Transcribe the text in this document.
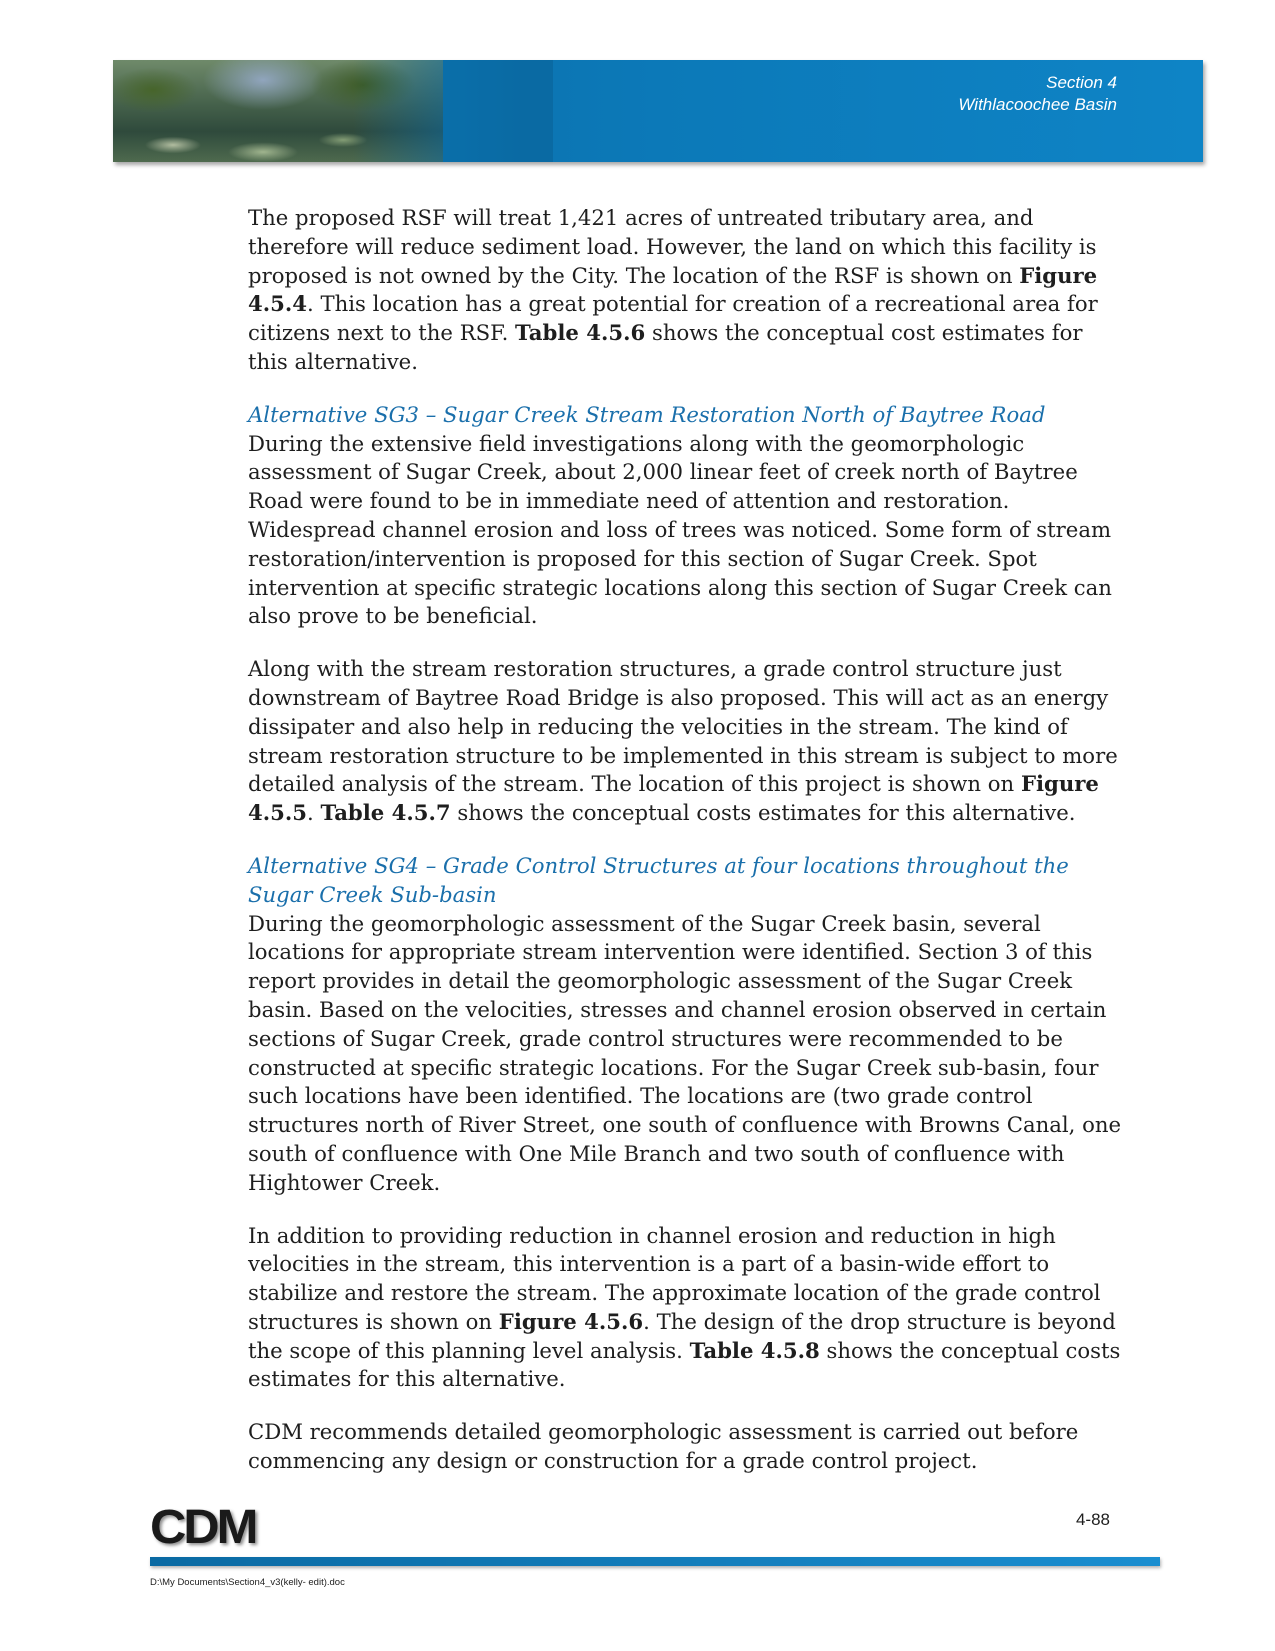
Section 4
Withlacoochee Basin

The proposed RSF will treat 1,421 acres of untreated tributary area, and therefore will reduce sediment load. However, the land on which this facility is proposed is not owned by the City. The location of the RSF is shown on Figure 4.5.4. This location has a great potential for creation of a recreational area for citizens next to the RSF. Table 4.5.6 shows the conceptual cost estimates for this alternative.

Alternative SG3 – Sugar Creek Stream Restoration North of Baytree Road

During the extensive field investigations along with the geomorphologic assessment of Sugar Creek, about 2,000 linear feet of creek north of Baytree Road were found to be in immediate need of attention and restoration. Widespread channel erosion and loss of trees was noticed. Some form of stream restoration/intervention is proposed for this section of Sugar Creek. Spot intervention at specific strategic locations along this section of Sugar Creek can also prove to be beneficial.

Along with the stream restoration structures, a grade control structure just downstream of Baytree Road Bridge is also proposed. This will act as an energy dissipater and also help in reducing the velocities in the stream. The kind of stream restoration structure to be implemented in this stream is subject to more detailed analysis of the stream. The location of this project is shown on Figure 4.5.5. Table 4.5.7 shows the conceptual costs estimates for this alternative.

Alternative SG4 – Grade Control Structures at four locations throughout the Sugar Creek Sub-basin

During the geomorphologic assessment of the Sugar Creek basin, several locations for appropriate stream intervention were identified. Section 3 of this report provides in detail the geomorphologic assessment of the Sugar Creek basin. Based on the velocities, stresses and channel erosion observed in certain sections of Sugar Creek, grade control structures were recommended to be constructed at specific strategic locations. For the Sugar Creek sub-basin, four such locations have been identified. The locations are (two grade control structures north of River Street, one south of confluence with Browns Canal, one south of confluence with One Mile Branch and two south of confluence with Hightower Creek.

In addition to providing reduction in channel erosion and reduction in high velocities in the stream, this intervention is a part of a basin-wide effort to stabilize and restore the stream. The approximate location of the grade control structures is shown on Figure 4.5.6. The design of the drop structure is beyond the scope of this planning level analysis. Table 4.5.8 shows the conceptual costs estimates for this alternative.

CDM recommends detailed geomorphologic assessment is carried out before commencing any design or construction for a grade control project.

CDM	4-88
D:\My Documents\Section4_v3(kelly- edit).doc
